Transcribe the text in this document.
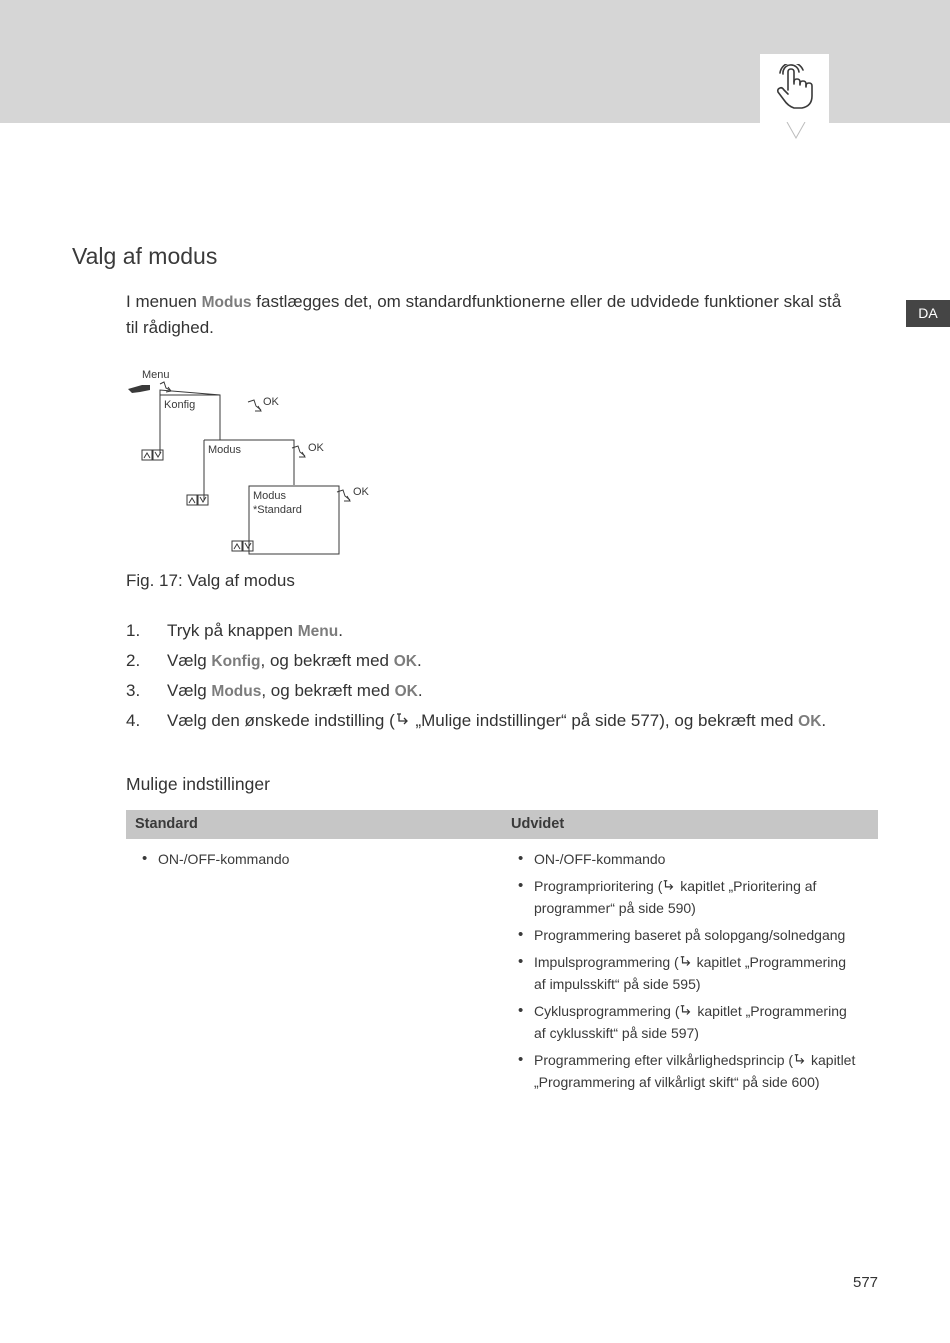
DA
Valg af modus

I menuen Modus fastlægges det, om standardfunktionerne eller de udvidede funktioner skal stå til rådighed.

Menu
Konfig	OK
Modus	OK
Modus
*Standard
OK
Fig. 17: Valg af modus
1. Tryk på knappen Menu.
2. Vælg Konfig, og bekræft med OK.
3. Vælg Modus, og bekræft med OK.
4. Vælg den ønskede indstilling ( „Mulige indstillinger“ på side 577), og bekræft med OK.
Mulige indstillinger
Standard	Udvidet
• ON-/OFF-kommando
•	ON-/OFF-kommando
• Programprioritering ( kapitlet „Prioritering af programmer“ på side 590)
• Programmering baseret på solopgang/solnedgang
• Impulsprogrammering ( kapitlet „Programmering af impulsskift“ på side 595)
• Cyklusprogrammering ( kapitlet „Programmering af cyklusskift“ på side 597)
• Programmering efter vilkårlighedsprincip ( kapitlet „Programmering af vilkårligt skift“ på side 600)
577
